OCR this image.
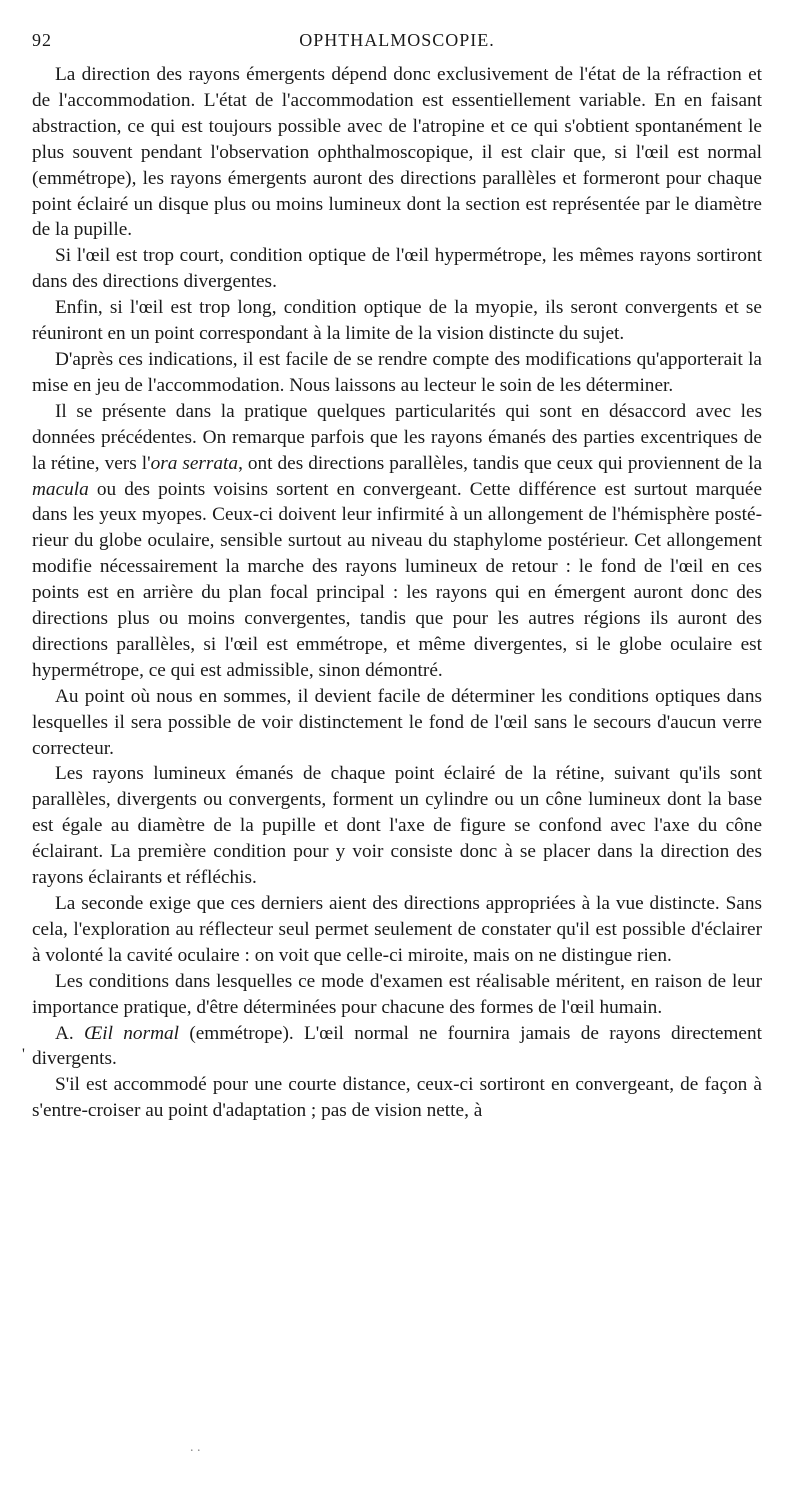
92	OPHTHALMOSCOPIE.

La direction des rayons émergents dépend donc exclusivement de l'état de la réfraction et de l'accommodation. L'état de l'accommodation est essentiellement variable. En en faisant abstraction, ce qui est toujours possible avec de l'atropine et ce qui s'obtient spontanément le plus souvent pendant l'observation ophthalmoscopique, il est clair que, si l'œil est normal (emmétrope), les rayons émergents auront des directions parallèles et formeront pour chaque point éclairé un disque plus ou moins lumineux dont la section est représentée par le diamètre de la pupille.

Si l'œil est trop court, condition optique de l'œil hypermétrope, les mêmes rayons sortiront dans des directions divergentes.

Enfin, si l'œil est trop long, condition optique de la myopie, ils seront convergents et se réuniront en un point correspondant à la limite de la vision distincte du sujet.

D'après ces indications, il est facile de se rendre compte des modifications qu'apporterait la mise en jeu de l'accommodation. Nous laissons au lecteur le soin de les déterminer.

Il se présente dans la pratique quelques particularités qui sont en désaccord avec les données précédentes. On remarque parfois que les rayons émanés des parties excentriques de la rétine, vers l'ora serrata, ont des directions parallèles, tandis que ceux qui proviennent de la macula ou des points voisins sortent en convergeant. Cette différence est surtout marquée dans les yeux myopes. Ceux-ci doivent leur infirmité à un allongement de l'hémisphère postérieur du globe oculaire, sensible surtout au niveau du staphylome postérieur. Cet allongement modifie nécessairement la marche des rayons lumineux de retour : le fond de l'œil en ces points est en arrière du plan focal principal : les rayons qui en émergent auront donc des directions plus ou moins convergentes, tandis que pour les autres régions ils auront des directions parallèles, si l'œil est emmétrope, et même divergentes, si le globe oculaire est hypermétrope, ce qui est admissible, sinon démontré.

Au point où nous en sommes, il devient facile de déterminer les conditions optiques dans lesquelles il sera possible de voir distinctement le fond de l'œil sans le secours d'aucun verre correcteur.

Les rayons lumineux émanés de chaque point éclairé de la rétine, suivant qu'ils sont parallèles, divergents ou convergents, forment un cylindre ou un cône lumineux dont la base est égale au diamètre de la pupille et dont l'axe de figure se confond avec l'axe du cône éclairant. La première condition pour y voir consiste donc à se placer dans la direction des rayons éclairants et réfléchis.

La seconde exige que ces derniers aient des directions appropriées à la vue distincte. Sans cela, l'exploration au réflecteur seul permet seulement de constater qu'il est possible d'éclairer à volonté la cavité oculaire : on voit que celle-ci miroite, mais on ne distingue rien.

Les conditions dans lesquelles ce mode d'examen est réalisable méritent, en raison de leur importance pratique, d'être déterminées pour chacune des formes de l'œil humain.

A. Œil normal (emmétrope). L'œil normal ne fournira jamais de rayons directement divergents.

S'il est accommodé pour une courte distance, ceux-ci sortiront en convergeant, de façon à s'entre-croiser au point d'adaptation ; pas de vision nette, à

'
. .
